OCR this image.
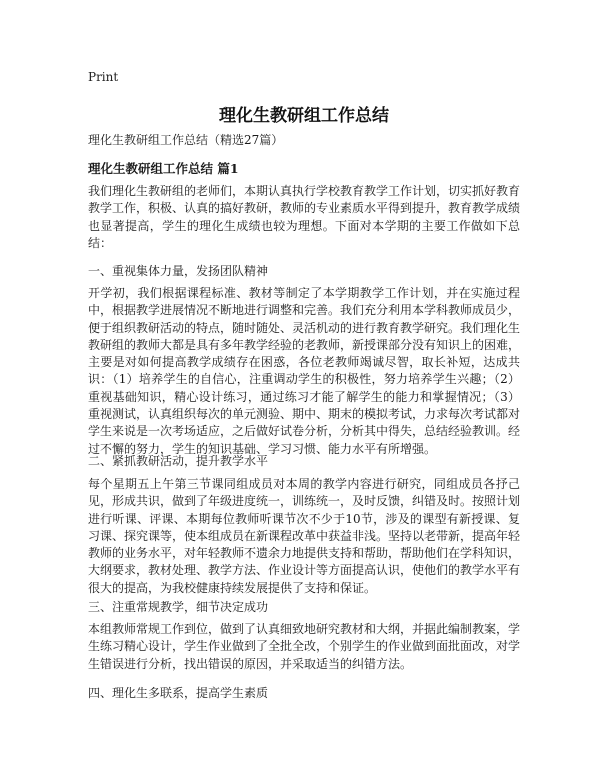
Print
理化生教研组工作总结

理化生教研组工作总结（精选27篇）

理化生教研组工作总结 篇1

我们理化生教研组的老师们，本期认真执行学校教育教学工作计划，切实抓好教育教学工作，积极、认真的搞好教研，教师的专业素质水平得到提升，教育教学成绩也显著提高，学生的理化生成绩也较为理想。下面对本学期的主要工作做如下总结：

一、重视集体力量，发扬团队精神

开学初，我们根据课程标准、教材等制定了本学期教学工作计划，并在实施过程中，根据教学进展情况不断地进行调整和完善。我们充分利用本学科教师成员少，便于组织教研活动的特点，随时随处、灵活机动的进行教育教学研究。我们理化生教研组的教师大都是具有多年教学经验的老教师，新授课部分没有知识上的困难，主要是对如何提高教学成绩存在困惑，各位老教师竭诚尽智，取长补短，达成共识：（1）培养学生的自信心，注重调动学生的积极性，努力培养学生兴趣；（2）重视基础知识，精心设计练习，通过练习才能了解学生的能力和掌握情况；（3）重视测试，认真组织每次的单元测验、期中、期末的模拟考试，力求每次考试都对学生来说是一次考场适应，之后做好试卷分析，分析其中得失，总结经验教训。经过不懈的努力，学生的知识基础、学习习惯、能力水平有所增强。

二、紧抓教研活动，提升教学水平

每个星期五上午第三节课同组成员对本周的教学内容进行研究，同组成员各抒己见，形成共识，做到了年级进度统一，训练统一，及时反馈，纠错及时。按照计划进行听课、评课、本期每位教师听课节次不少于10节，涉及的课型有新授课、复习课、探究课等，使本组成员在新课程改革中获益非浅。坚持以老带新，提高年轻教师的业务水平，对年轻教师不遗余力地提供支持和帮助，帮助他们在学科知识，大纲要求，教材处理、教学方法、作业设计等方面提高认识，使他们的教学水平有很大的提高，为我校健康持续发展提供了支持和保证。

三、注重常规教学，细节决定成功

本组教师常规工作到位，做到了认真细致地研究教材和大纲，并据此编制教案，学生练习精心设计，学生作业做到了全批全改，个别学生的作业做到面批面改，对学生错误进行分析，找出错误的原因，并采取适当的纠错方法。

四、理化生多联系，提高学生素质
